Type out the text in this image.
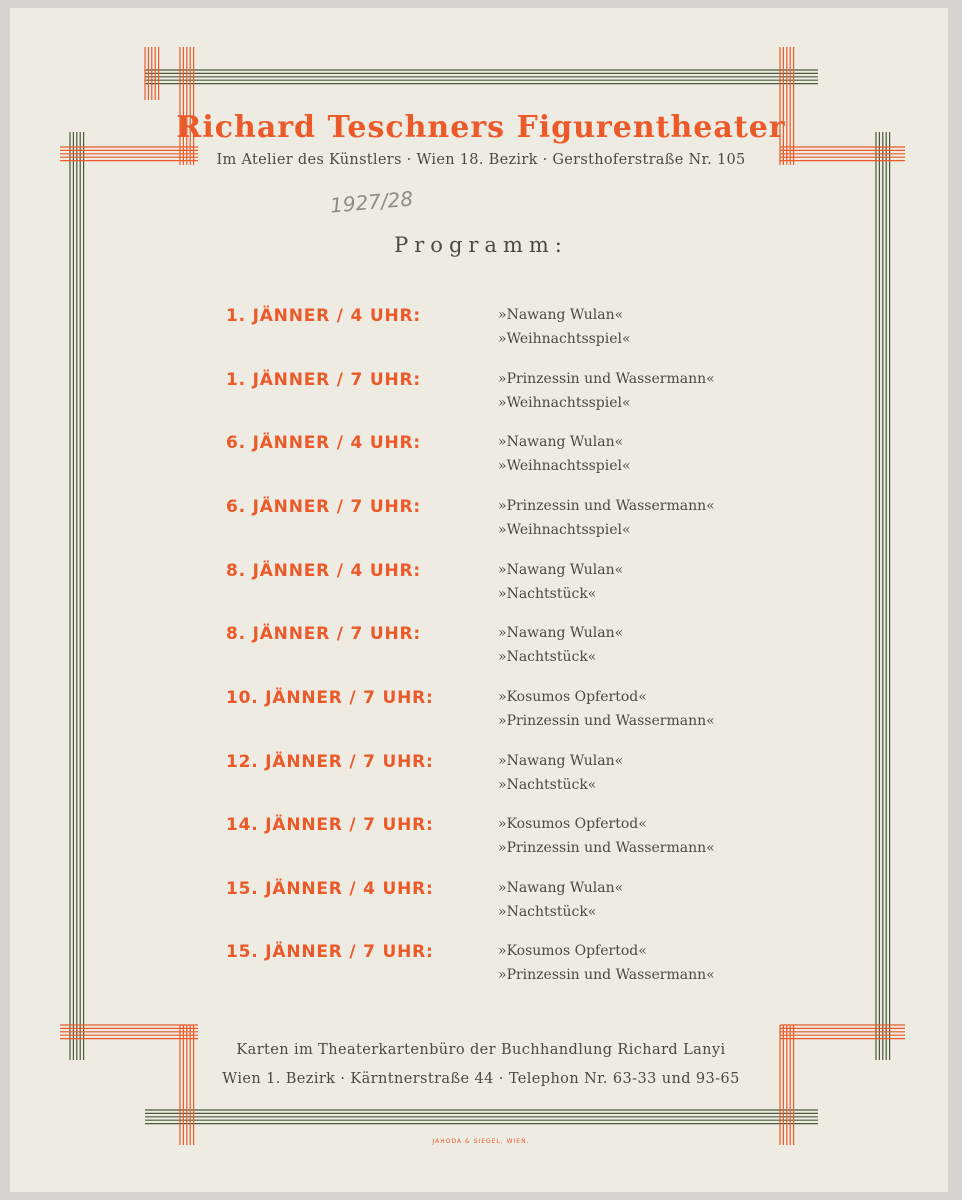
Richard Teschners Figurentheater
Im Atelier des Künstlers · Wien 18. Bezirk · Gersthoferstraße Nr. 105
1927/28
Programm:
1. JÄNNER / 4 UHR:	»Nawang Wulan«
»Weihnachtsspiel«
1. JÄNNER / 7 UHR:	»Prinzessin und Wassermann«
»Weihnachtsspiel«
6. JÄNNER / 4 UHR:	»Nawang Wulan«
»Weihnachtsspiel«
6. JÄNNER / 7 UHR:	»Prinzessin und Wassermann«
»Weihnachtsspiel«
8. JÄNNER / 4 UHR:	»Nawang Wulan«
»Nachtstück«
8. JÄNNER / 7 UHR:	»Nawang Wulan«
»Nachtstück«
10. JÄNNER / 7 UHR:	»Kosumos Opfertod«
»Prinzessin und Wassermann«
12. JÄNNER / 7 UHR:	»Nawang Wulan«
»Nachtstück«
14. JÄNNER / 7 UHR:	»Kosumos Opfertod«
»Prinzessin und Wassermann«
15. JÄNNER / 4 UHR:	»Nawang Wulan«
»Nachtstück«
15. JÄNNER / 7 UHR:	»Kosumos Opfertod«
»Prinzessin und Wassermann«
Karten im Theaterkartenbüro der Buchhandlung Richard Lanyi
Wien 1. Bezirk · Kärntnerstraße 44 · Telephon Nr. 63-33 und 93-65
JAHODA & SIEGEL, WIEN.
